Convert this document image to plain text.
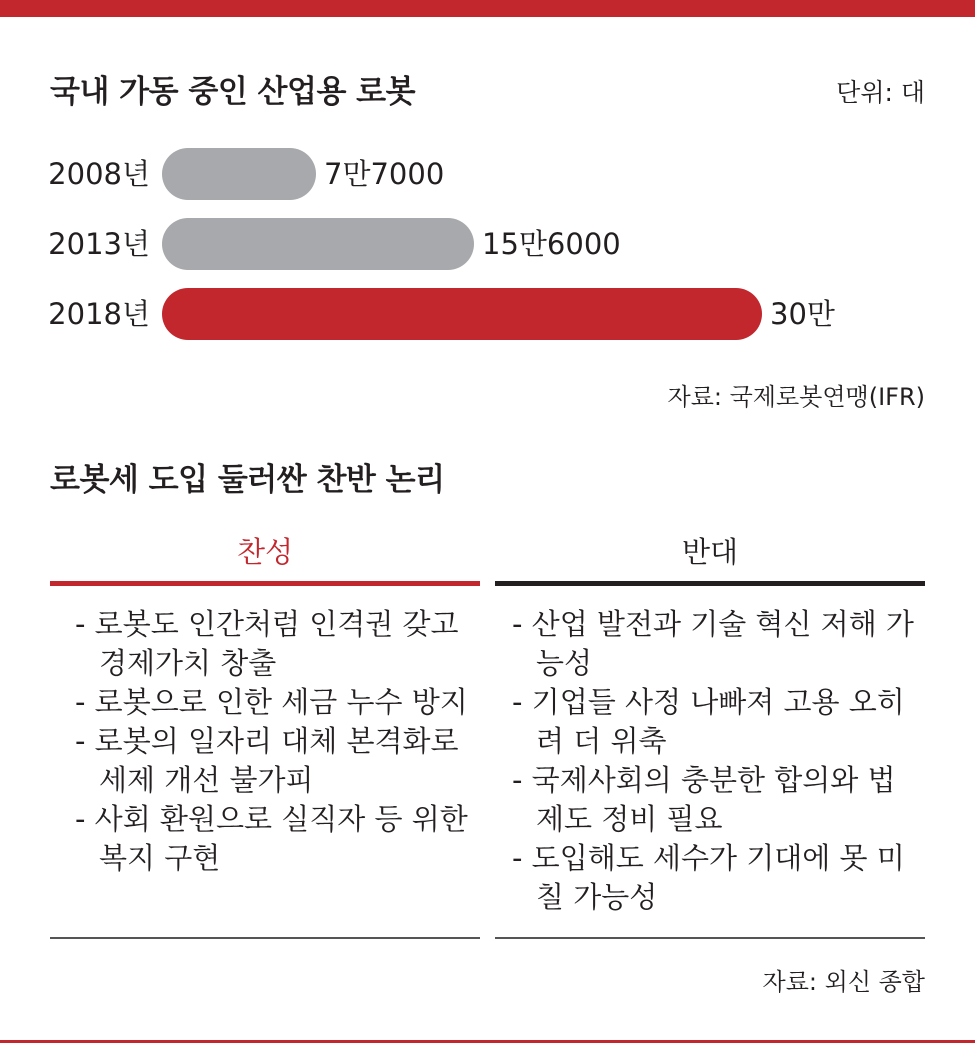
국내 가동 중인 산업용 로봇	단위: 대
2008년	7만7000
2013년	15만6000
2018년	30만
자료: 국제로봇연맹(IFR)
로봇세 도입 둘러싼 찬반 논리
찬성	반대
- 로봇도 인간처럼 인격권 갖고 경제가치 창출
- 로봇으로 인한 세금 누수 방지
- 로봇의 일자리 대체 본격화로 세제 개선 불가피
- 사회 환원으로 실직자 등 위한 복지 구현
- 산업 발전과 기술 혁신 저해 가능성
- 기업들 사정 나빠져 고용 오히려 더 위축
- 국제사회의 충분한 합의와 법제도 정비 필요
- 도입해도 세수가 기대에 못 미칠 가능성
자료: 외신 종합
